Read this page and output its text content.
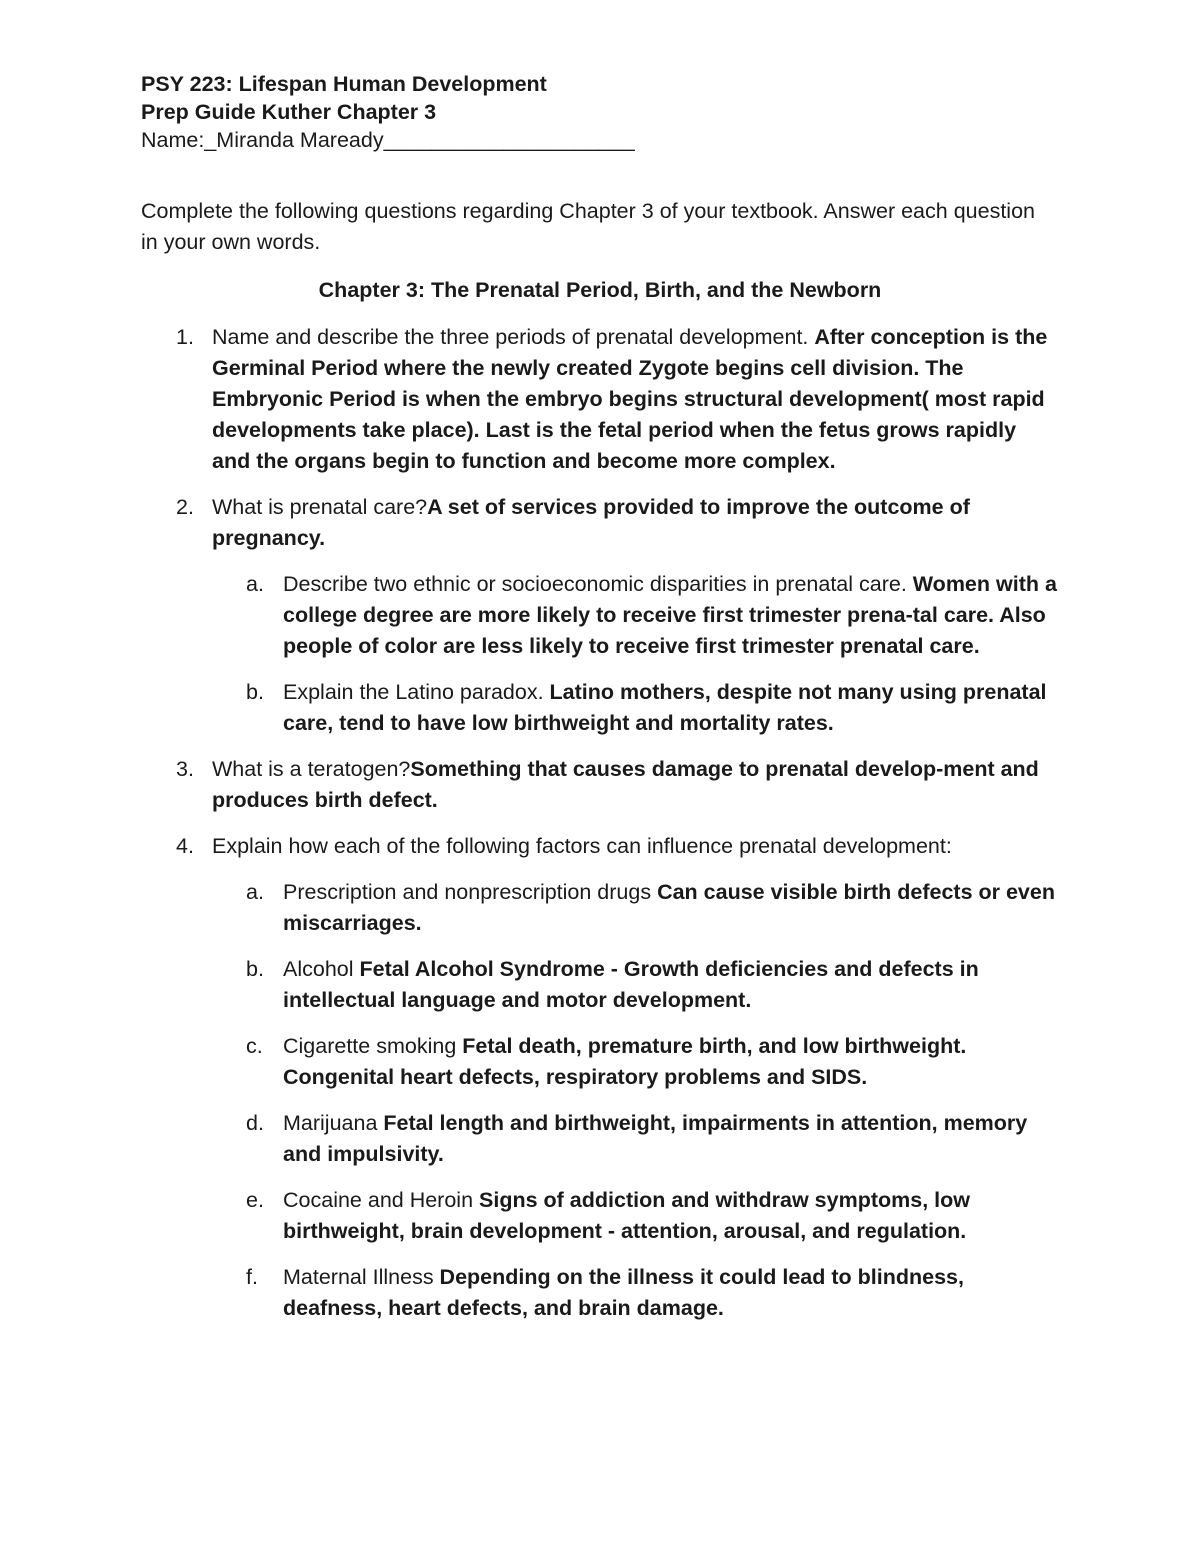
PSY 223: Lifespan Human Development

Prep Guide Kuther Chapter 3

Name:_Miranda Maready_____________________

Complete the following questions regarding Chapter 3 of your textbook. Answer each question in your own words.

Chapter 3: The Prenatal Period, Birth, and the Newborn

1. Name and describe the three periods of prenatal development. After conception is the Germinal Period where the newly created Zygote begins cell division. The Embryonic Period is when the embryo begins structural development( most rapid developments take place). Last is the fetal period when the fetus grows rapidly and the organs begin to function and become more complex.
2. What is prenatal care?A set of services provided to improve the outcome of pregnancy.
a. Describe two ethnic or socioeconomic disparities in prenatal care. Women with a college degree are more likely to receive first trimester prena-tal care. Also people of color are less likely to receive first trimester prenatal care.
b. Explain the Latino paradox. Latino mothers, despite not many using prenatal care, tend to have low birthweight and mortality rates.
3. What is a teratogen?Something that causes damage to prenatal develop-ment and produces birth defect.
4. Explain how each of the following factors can influence prenatal development:
a. Prescription and nonprescription drugs Can cause visible birth defects or even miscarriages.
b. Alcohol Fetal Alcohol Syndrome - Growth deficiencies and defects in intellectual language and motor development.
c. Cigarette smoking Fetal death, premature birth, and low birthweight. Congenital heart defects, respiratory problems and SIDS.
d. Marijuana Fetal length and birthweight, impairments in attention, memory and impulsivity.
e. Cocaine and Heroin Signs of addiction and withdraw symptoms, low birthweight, brain development - attention, arousal, and regulation.
f. Maternal Illness Depending on the illness it could lead to blindness, deafness, heart defects, and brain damage.
